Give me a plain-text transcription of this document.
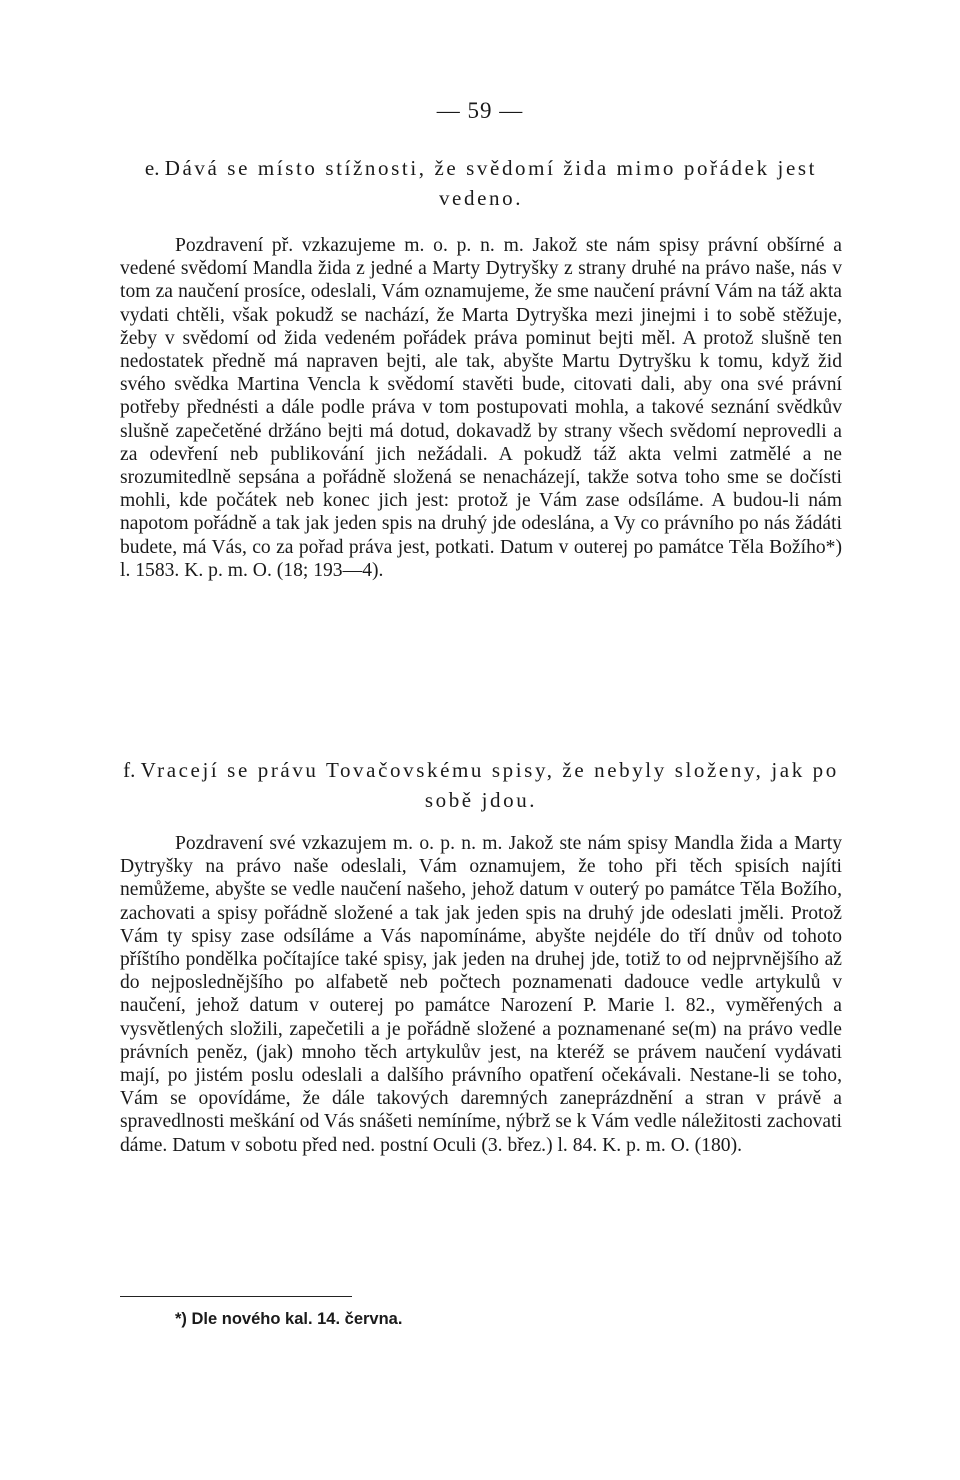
— 59 —
e. Dává se místo stížnosti, že svědomí žida mimo pořádek jest vedeno.

Pozdravení př. vzkazujeme m. o. p. n. m. Jakož ste nám spisy právní obšírné a vedené svědomí Mandla žida z jedné a Marty Dytryšky z strany druhé na právo naše, nás v tom za naučení prosíce, odeslali, Vám oznamujeme, že sme naučení právní Vám na táž akta vydati chtěli, však pokudž se nachází, že Marta Dytryška mezi jinejmi i to sobě stěžuje, žeby v svědomí od žida vedeném pořádek práva pominut bejti měl. A protož slušně ten nedostatek předně má napraven bejti, ale tak, abyšte Martu Dytryšku k tomu, když žid svého svědka Martina Vencla k svědomí stavěti bude, citovati dali, aby ona své právní potřeby přednésti a dále podle práva v tom postupovati mohla, a takové seznání svědkův slušně zapečetěné držáno bejti má dotud, dokavadž by strany všech svědomí neprovedli a za odevření neb publikování jich nežádali. A pokudž táž akta velmi zatmělé a ne srozumitedlně sepsána a pořádně složená se nenacházejí, takže sotva toho sme se dočísti mohli, kde počátek neb konec jich jest: protož je Vám zase odsíláme. A budou-li nám napotom pořádně a tak jak jeden spis na druhý jde odeslána, a Vy co právního po nás žádáti budete, má Vás, co za pořad práva jest, potkati. Datum v outerej po památce Těla Božího*) l. 1583. K. p. m. O. (18; 193—4).

f. Vracejí se právu Tovačovskému spisy, že nebyly složeny, jak po sobě jdou.

Pozdravení své vzkazujem m. o. p. n. m. Jakož ste nám spisy Mandla žida a Marty Dytryšky na právo naše odeslali, Vám oznamujem, že toho při těch spisích najíti nemůžeme, abyšte se vedle naučení našeho, jehož datum v outerý po památce Těla Božího, zachovati a spisy pořádně složené a tak jak jeden spis na druhý jde odeslati jměli. Protož Vám ty spisy zase odsíláme a Vás napomínáme, abyšte nejdéle do tří dnův od tohoto příštího pondělka počítajíce také spisy, jak jeden na druhej jde, totiž to od nejprvnějšího až do nejposlednějšího po alfabetě neb počtech poznamenati dadouce vedle artykulů v naučení, jehož datum v outerej po památce Narození P. Marie l. 82., vyměřených a vysvětlených složili, zapečetili a je pořádně složené a poznamenané se(m) na právo vedle právních peněz, (jak) mnoho těch artykulův jest, na kteréž se právem naučení vydávati mají, po jistém poslu odeslali a dalšího právního opatření očekávali. Nestane-li se toho, Vám se opovídáme, že dále takových daremných zaneprázdnění a stran v právě a spravedlnosti meškání od Vás snášeti nemíníme, nýbrž se k Vám vedle náležitosti zachovati dáme. Datum v sobotu před ned. postní Oculi (3. břez.) l. 84. K. p. m. O. (180).

*) Dle nového kal. 14. června.
